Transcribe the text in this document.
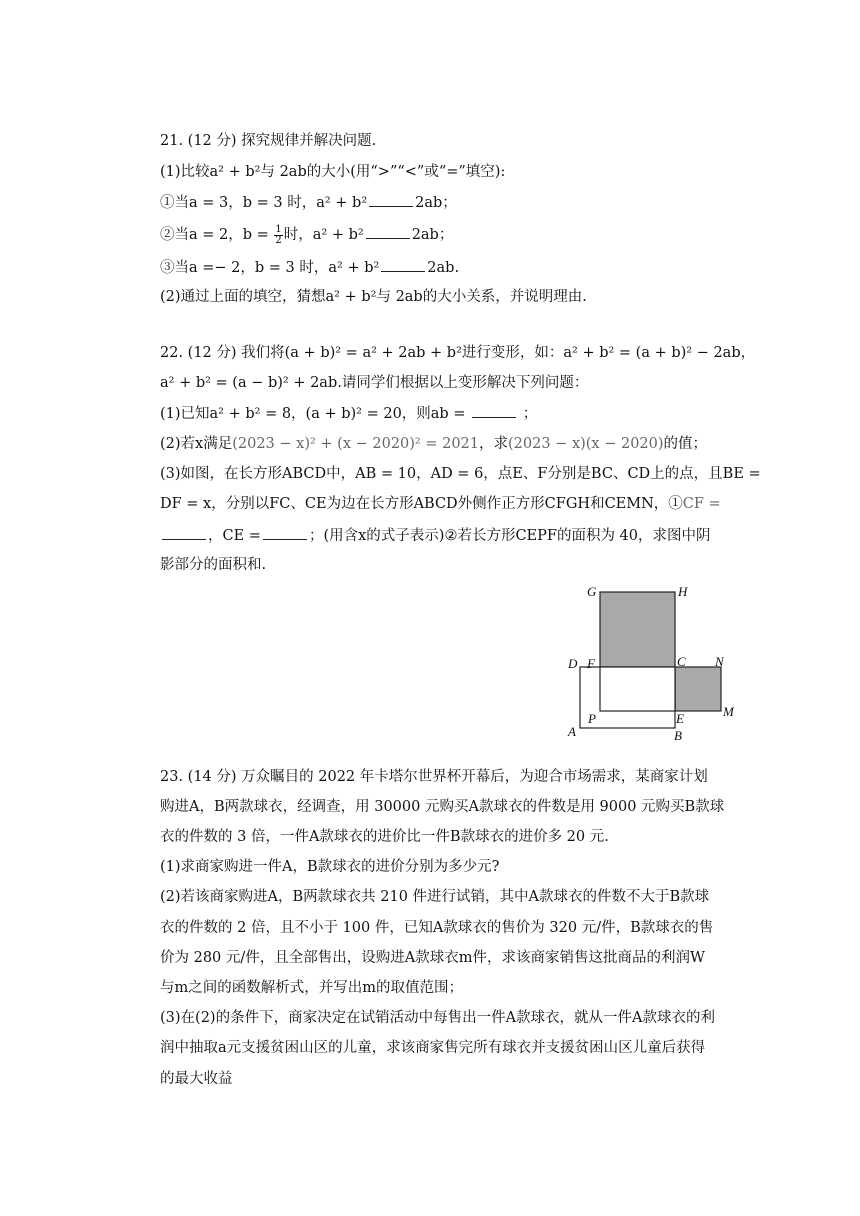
21. (12 分) 探究规律并解决问题.
(1)比较a² + b²与 2ab的大小(用“>”“<”或“=”填空):
①当a = 3，b = 3 时，a² + b²	2ab；
②当a = 2，$b = \frac{1}{2}$ 时，a² + b²	2ab；
③当a =− 2，b = 3 时，a² + b²	2ab.
(2)通过上面的填空，猜想a² + b²与 2ab的大小关系，并说明理由.
22. (12 分) 我们将(a + b)² = a² + 2ab + b²进行变形，如：a² + b² = (a + b)² − 2ab，
a² + b² = (a − b)² + 2ab.请同学们根据以上变形解决下列问题：
(1)已知a² + b² = 8，(a + b)² = 20，则ab =	；
(2)若x满足(2023 − x)² + (x − 2020)² = 2021，求(2023 − x)(x − 2020)的值；
(3)如图，在长方形ABCD中，AB = 10，AD = 6，点E、F分别是BC、CD上的点，且BE =
DF = x，分别以FC、CE为边在长方形ABCD外侧作正方形CFGH和CEMN，①CF =
，CE =	；(用含x的式子表示)②若长方形CEPF的面积为 40，求图中阴
影部分的面积和.
G	H
D F	C N
P	E	M
A	B
23. (14 分) 万众瞩目的 2022 年卡塔尔世界杯开幕后，为迎合市场需求，某商家计划
购进A，B两款球衣，经调查，用 30000 元购买A款球衣的件数是用 9000 元购买B款球
衣的件数的 3 倍，一件A款球衣的进价比一件B款球衣的进价多 20 元.
(1)求商家购进一件A，B款球衣的进价分别为多少元?
(2)若该商家购进A，B两款球衣共 210 件进行试销，其中A款球衣的件数不大于B款球
衣的件数的 2 倍，且不小于 100 件，已知A款球衣的售价为 320 元/件，B款球衣的售
价为 280 元/件，且全部售出，设购进A款球衣m件，求该商家销售这批商品的利润W
与m之间的函数解析式，并写出m的取值范围；
(3)在(2)的条件下，商家决定在试销活动中每售出一件A款球衣，就从一件A款球衣的利
润中抽取a元支援贫困山区的儿童，求该商家售完所有球衣并支援贫困山区儿童后获得
的最大收益
